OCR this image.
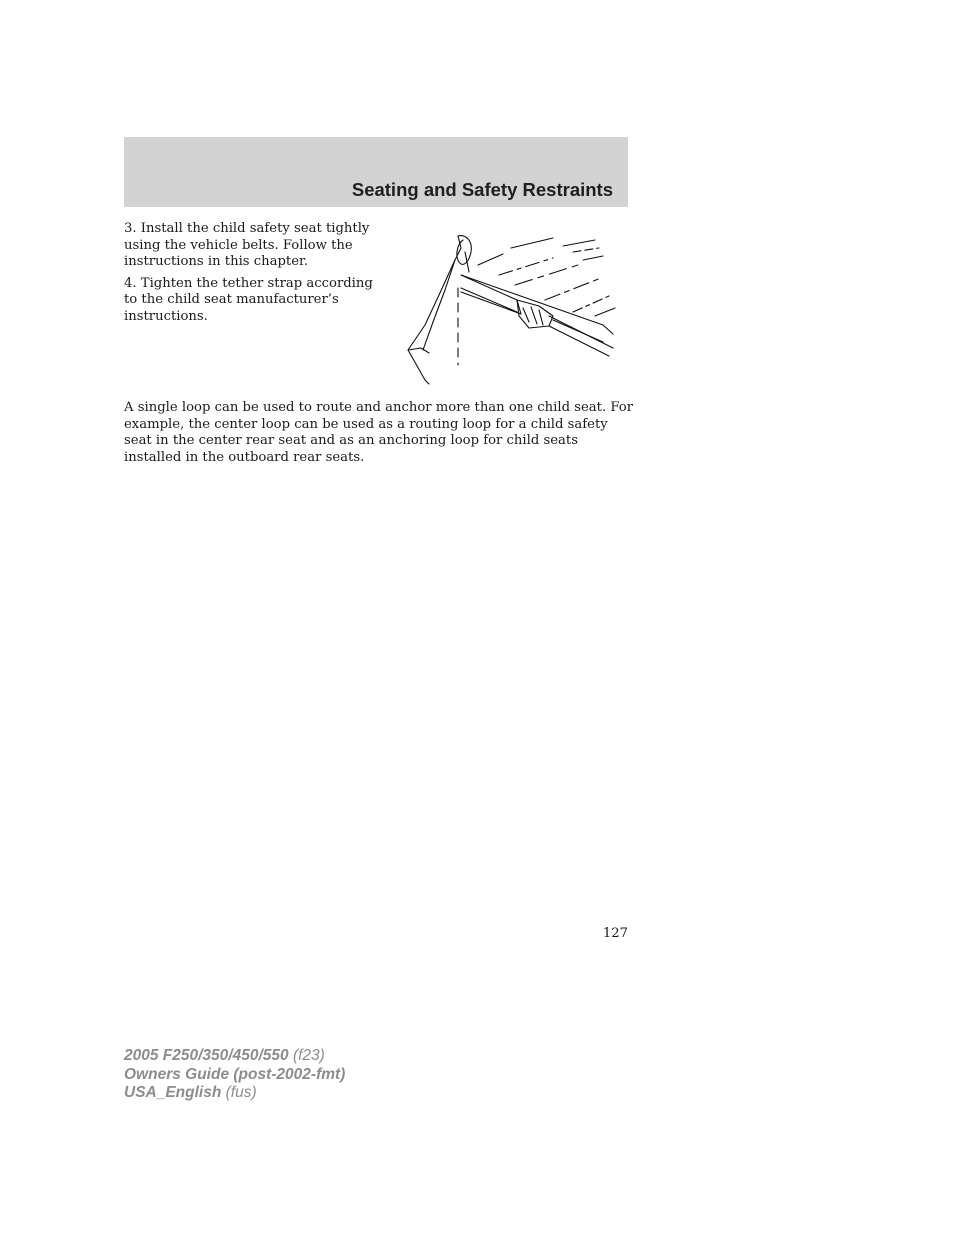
Seating and Safety Restraints

3. Install the child safety seat tightly using the vehicle belts. Follow the instructions in this chapter.

4. Tighten the tether strap according to the child seat manufacturer’s instructions.

A single loop can be used to route and anchor more than one child seat. For example, the center loop can be used as a routing loop for a child safety seat in the center rear seat and as an anchoring loop for child seats installed in the outboard rear seats.

127
2005 F250/350/450/550 (f23)
Owners Guide (post-2002-fmt)
USA_English (fus)
